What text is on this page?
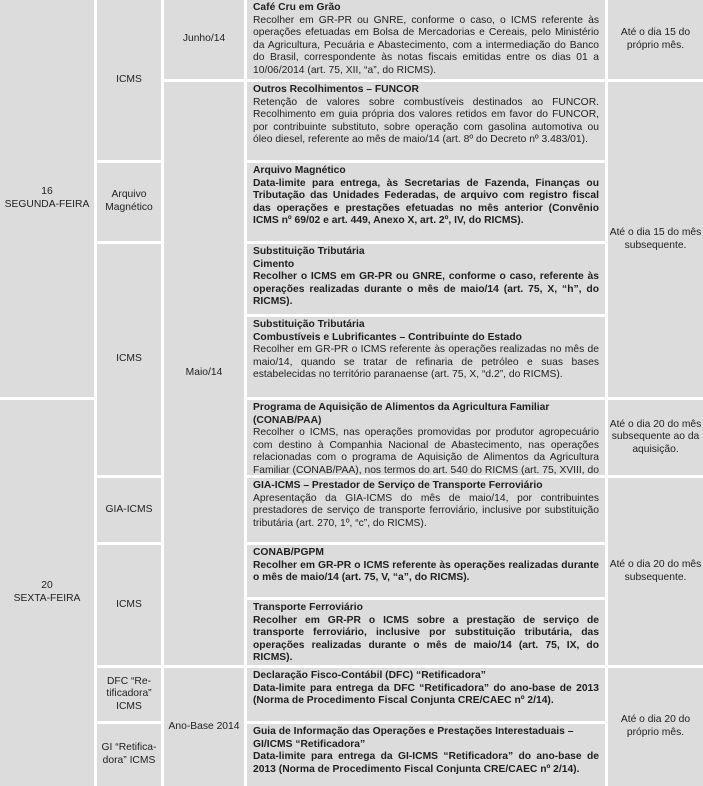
16
SEGUNDA-FEIRA
20
SEXTA-FEIRA
ICMS
Arquivo Magnético
ICMS
GIA-ICMS
ICMS
DFC “Re- tificadora” ICMS
GI “Retifica- dora” ICMS
Junho/14
Maio/14
Ano-Base 2014
Café Cru em Grão
Recolher em GR-PR ou GNRE, conforme o caso, o ICMS referente às operações efetuadas em Bolsa de Mercadorias e Cereais, pelo Ministério da Agricultura, Pecuária e Abastecimento, com a intermediação do Banco do Brasil, correspondente às notas fiscais emitidas entre os dias 01 a 10/06/2014 (art. 75, XII, “a”, do RICMS).
Outros Recolhimentos – FUNCOR
Retenção de valores sobre combustíveis destinados ao FUNCOR. Recolhimento em guia própria dos valores retidos em favor do FUNCOR, por contribuinte substituto, sobre operação com gasolina automotiva ou óleo diesel, referente ao mês de maio/14 (art. 8º do Decreto nº 3.483/01).
Arquivo Magnético
Data-limite para entrega, às Secretarias de Fazenda, Finanças ou Tributação das Unidades Federadas, de arquivo com registro fiscal das operações e prestações efetuadas no mês anterior (Convênio ICMS nº 69/02 e art. 449, Anexo X, art. 2º, IV, do RICMS).
Substituição Tributária
Cimento
Recolher o ICMS em GR-PR ou GNRE, conforme o caso, referente às operações realizadas durante o mês de maio/14 (art. 75, X, “h”, do RICMS).
Substituição Tributária
Combustíveis e Lubrificantes – Contribuinte do Estado
Recolher em GR-PR o ICMS referente às operações realizadas no mês de maio/14, quando se tratar de refinaria de petróleo e suas bases estabelecidas no território paranaense (art. 75, X, “d.2”, do RICMS).
Programa de Aquisição de Alimentos da Agricultura Familiar (CONAB/PAA)
Recolher o ICMS, nas operações promovidas por produtor agropecuário com destino à Companhia Nacional de Abastecimento, nas operações relacionadas com o programa de Aquisição de Alimentos da Agricultura Familiar (CONAB/PAA), nos termos do art. 540 do RICMS (art. 75, XVIII, do
GIA-ICMS – Prestador de Serviço de Transporte Ferroviário
Apresentação da GIA-ICMS do mês de maio/14, por contribuintes prestadores de serviço de transporte ferroviário, inclusive por substituição tributária (art. 270, 1º, “c”, do RICMS).
CONAB/PGPM
Recolher em GR-PR o ICMS referente às operações realizadas durante o mês de maio/14 (art. 75, V, “a”, do RICMS).
Transporte Ferroviário
Recolher em GR-PR o ICMS sobre a prestação de serviço de transporte ferroviário, inclusive por substituição tributária, das operações realizadas durante o mês de maio/14 (art. 75, IX, do RICMS).
Declaração Fisco-Contábil (DFC) “Retificadora”
Data-limite para entrega da DFC “Retificadora” do ano-base de 2013 (Norma de Procedimento Fiscal Conjunta CRE/CAEC nº 2/14).
Guia de Informação das Operações e Prestações Interestaduais – GI/ICMS “Retificadora”
Data-limite para entrega da GI-ICMS “Retificadora” do ano-base de 2013 (Norma de Procedimento Fiscal Conjunta CRE/CAEC nº 2/14).
Até o dia 15 do próprio mês.
Até o dia 15 do mês subsequente.
Até o dia 20 do mês subsequente ao da aquisição.
Até o dia 20 do mês subsequente.
Até o dia 20 do próprio mês.
